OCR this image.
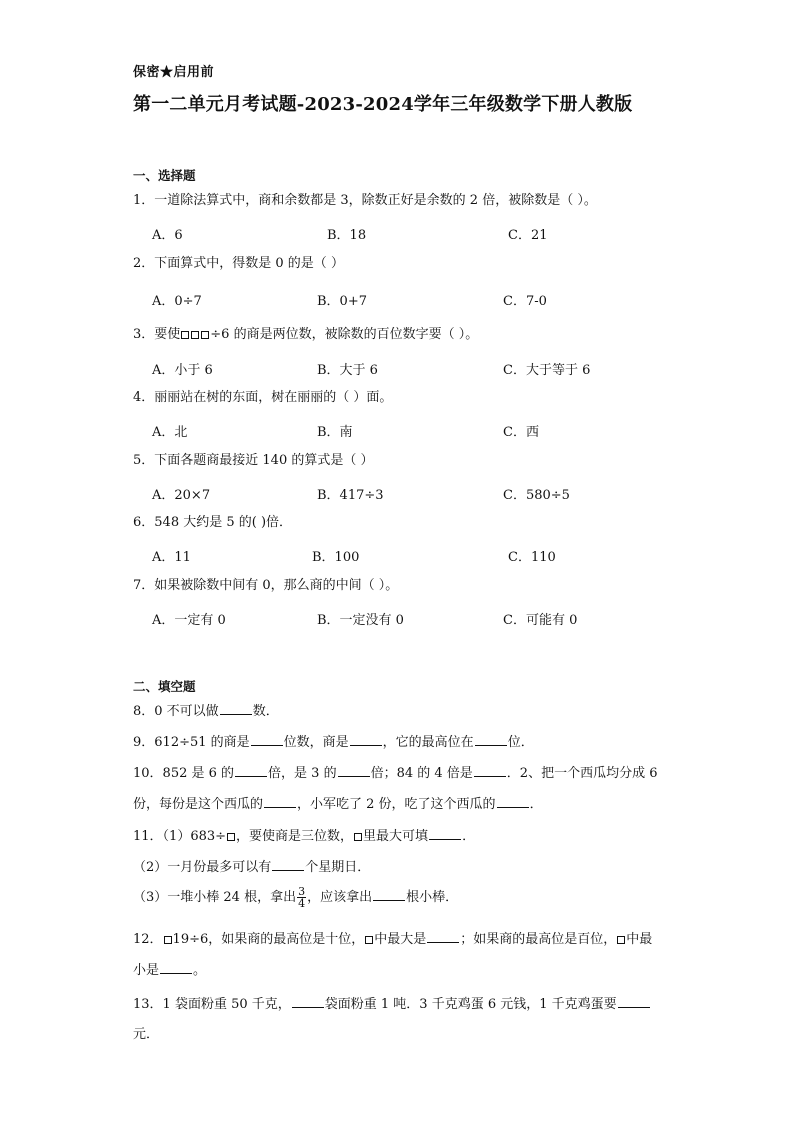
保密★启用前
第一二单元月考试题-2023-2024学年三年级数学下册人教版
一、选择题
1．一道除法算式中，商和余数都是 3，除数正好是余数的 2 倍，被除数是（ ）。
A．6	B．18	C．21
2．下面算式中，得数是 0 的是（ ）
A．0÷7	B．0+7	C．7-0
3．要使 ÷6 的商是两位数，被除数的百位数字要（ ）。
A．小于 6	B．大于 6	C．大于等于 6
4．丽丽站在树的东面，树在丽丽的（ ）面。
A．北	B．南	C．西
5．下面各题商最接近 140 的算式是（ ）
A．20×7	B．417÷3	C．580÷5
6．548 大约是 5 的( )倍．
A．11	B．100	C．110
7．如果被除数中间有 0，那么商的中间（ ）。
A．一定有 0	B．一定没有 0	C．可能有 0
二、填空题
8．0 不可以做	数．
9．612÷51 的商是	位数，商是	，它的最高位在	位．
10．852 是 6 的	倍，是 3 的	倍；84 的 4 倍是	．2、把一个西瓜均分成 6
份，每份是这个西瓜的	，小军吃了 2 份，吃了这个西瓜的	．
11．（1）683÷ ，要使商是三位数， 里最大可填	．
（2）一月份最多可以有	个星期日．
（3）一堆小棒 24 根，拿出 $\frac{3}{4}$ ，应该拿出	根小棒．
12． 19÷6，如果商的最高位是十位， 中最大是	；如果商的最高位是百位， 中最
小是	。
13．1 袋面粉重 50 千克，	袋面粉重 1 吨．3 千克鸡蛋 6 元钱，1 千克鸡蛋要
元．
